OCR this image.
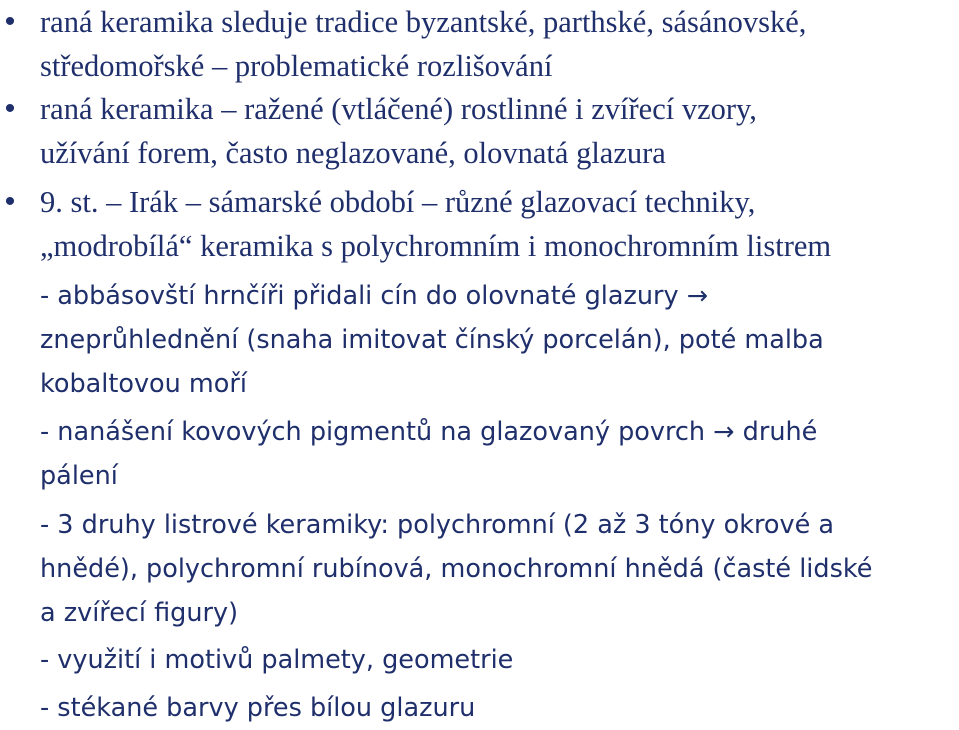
• raná keramika sleduje tradice byzantské, parthské, sásánovské,
středomořské – problematické rozlišování
• raná keramika – ražené (vtláčené) rostlinné i zvířecí vzory,
užívání forem, často neglazované, olovnatá glazura
• 9. st. – Irák – sámarské období – různé glazovací techniky,
„modrobílá“ keramika s polychromním i monochromním listrem
- abbásovští hrnčíři přidali cín do olovnaté glazury →
zneprůhlednění (snaha imitovat čínský porcelán), poté malba
kobaltovou moří
- nanášení kovových pigmentů na glazovaný povrch → druhé
pálení
- 3 druhy listrové keramiky: polychromní (2 až 3 tóny okrové a
hnědé), polychromní rubínová, monochromní hnědá (časté lidské
a zvířecí figury)
- využití i motivů palmety, geometrie
- stékané barvy přes bílou glazuru
